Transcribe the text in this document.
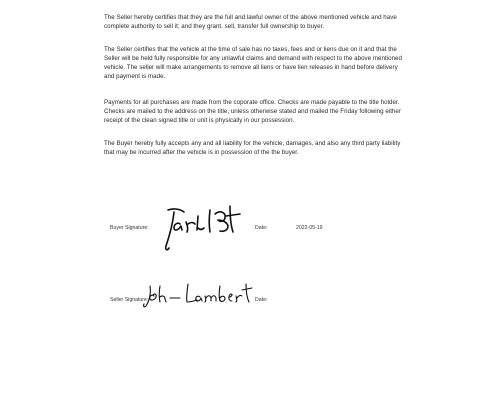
The Seller hereby certifies that they are the full and lawful owner of the above mentioned vehicle and have complete authority to sell it; and they grant, sell, transfer full ownership to buyer.

The Seller certifies that the vehicle at the time of sale has no taxes, fees and or liens due on it and that the Seller will be held fully responsible for any unlawful claims and demand with respect to the above mentioned vehicle. The seller will make arrangements to remove all liens or have lien releases in hand before delivery and payment is made.

Payments for all purchases are made from the coporate office. Checks are made payable to the title holder. Checks are mailed to the address on the title, unless otherwise stated and mailed the Friday following either receipt of the clean signed title or unit is physically in our possession.

The Buyer hereby fully accepts any and all liability for the vehicle, damages, and also any third party liability that may be incurred after the vehicle is in possession of the the buyer.

Buyer Signature:	Date:	2022-05-19
Seller Signature:	Date:
